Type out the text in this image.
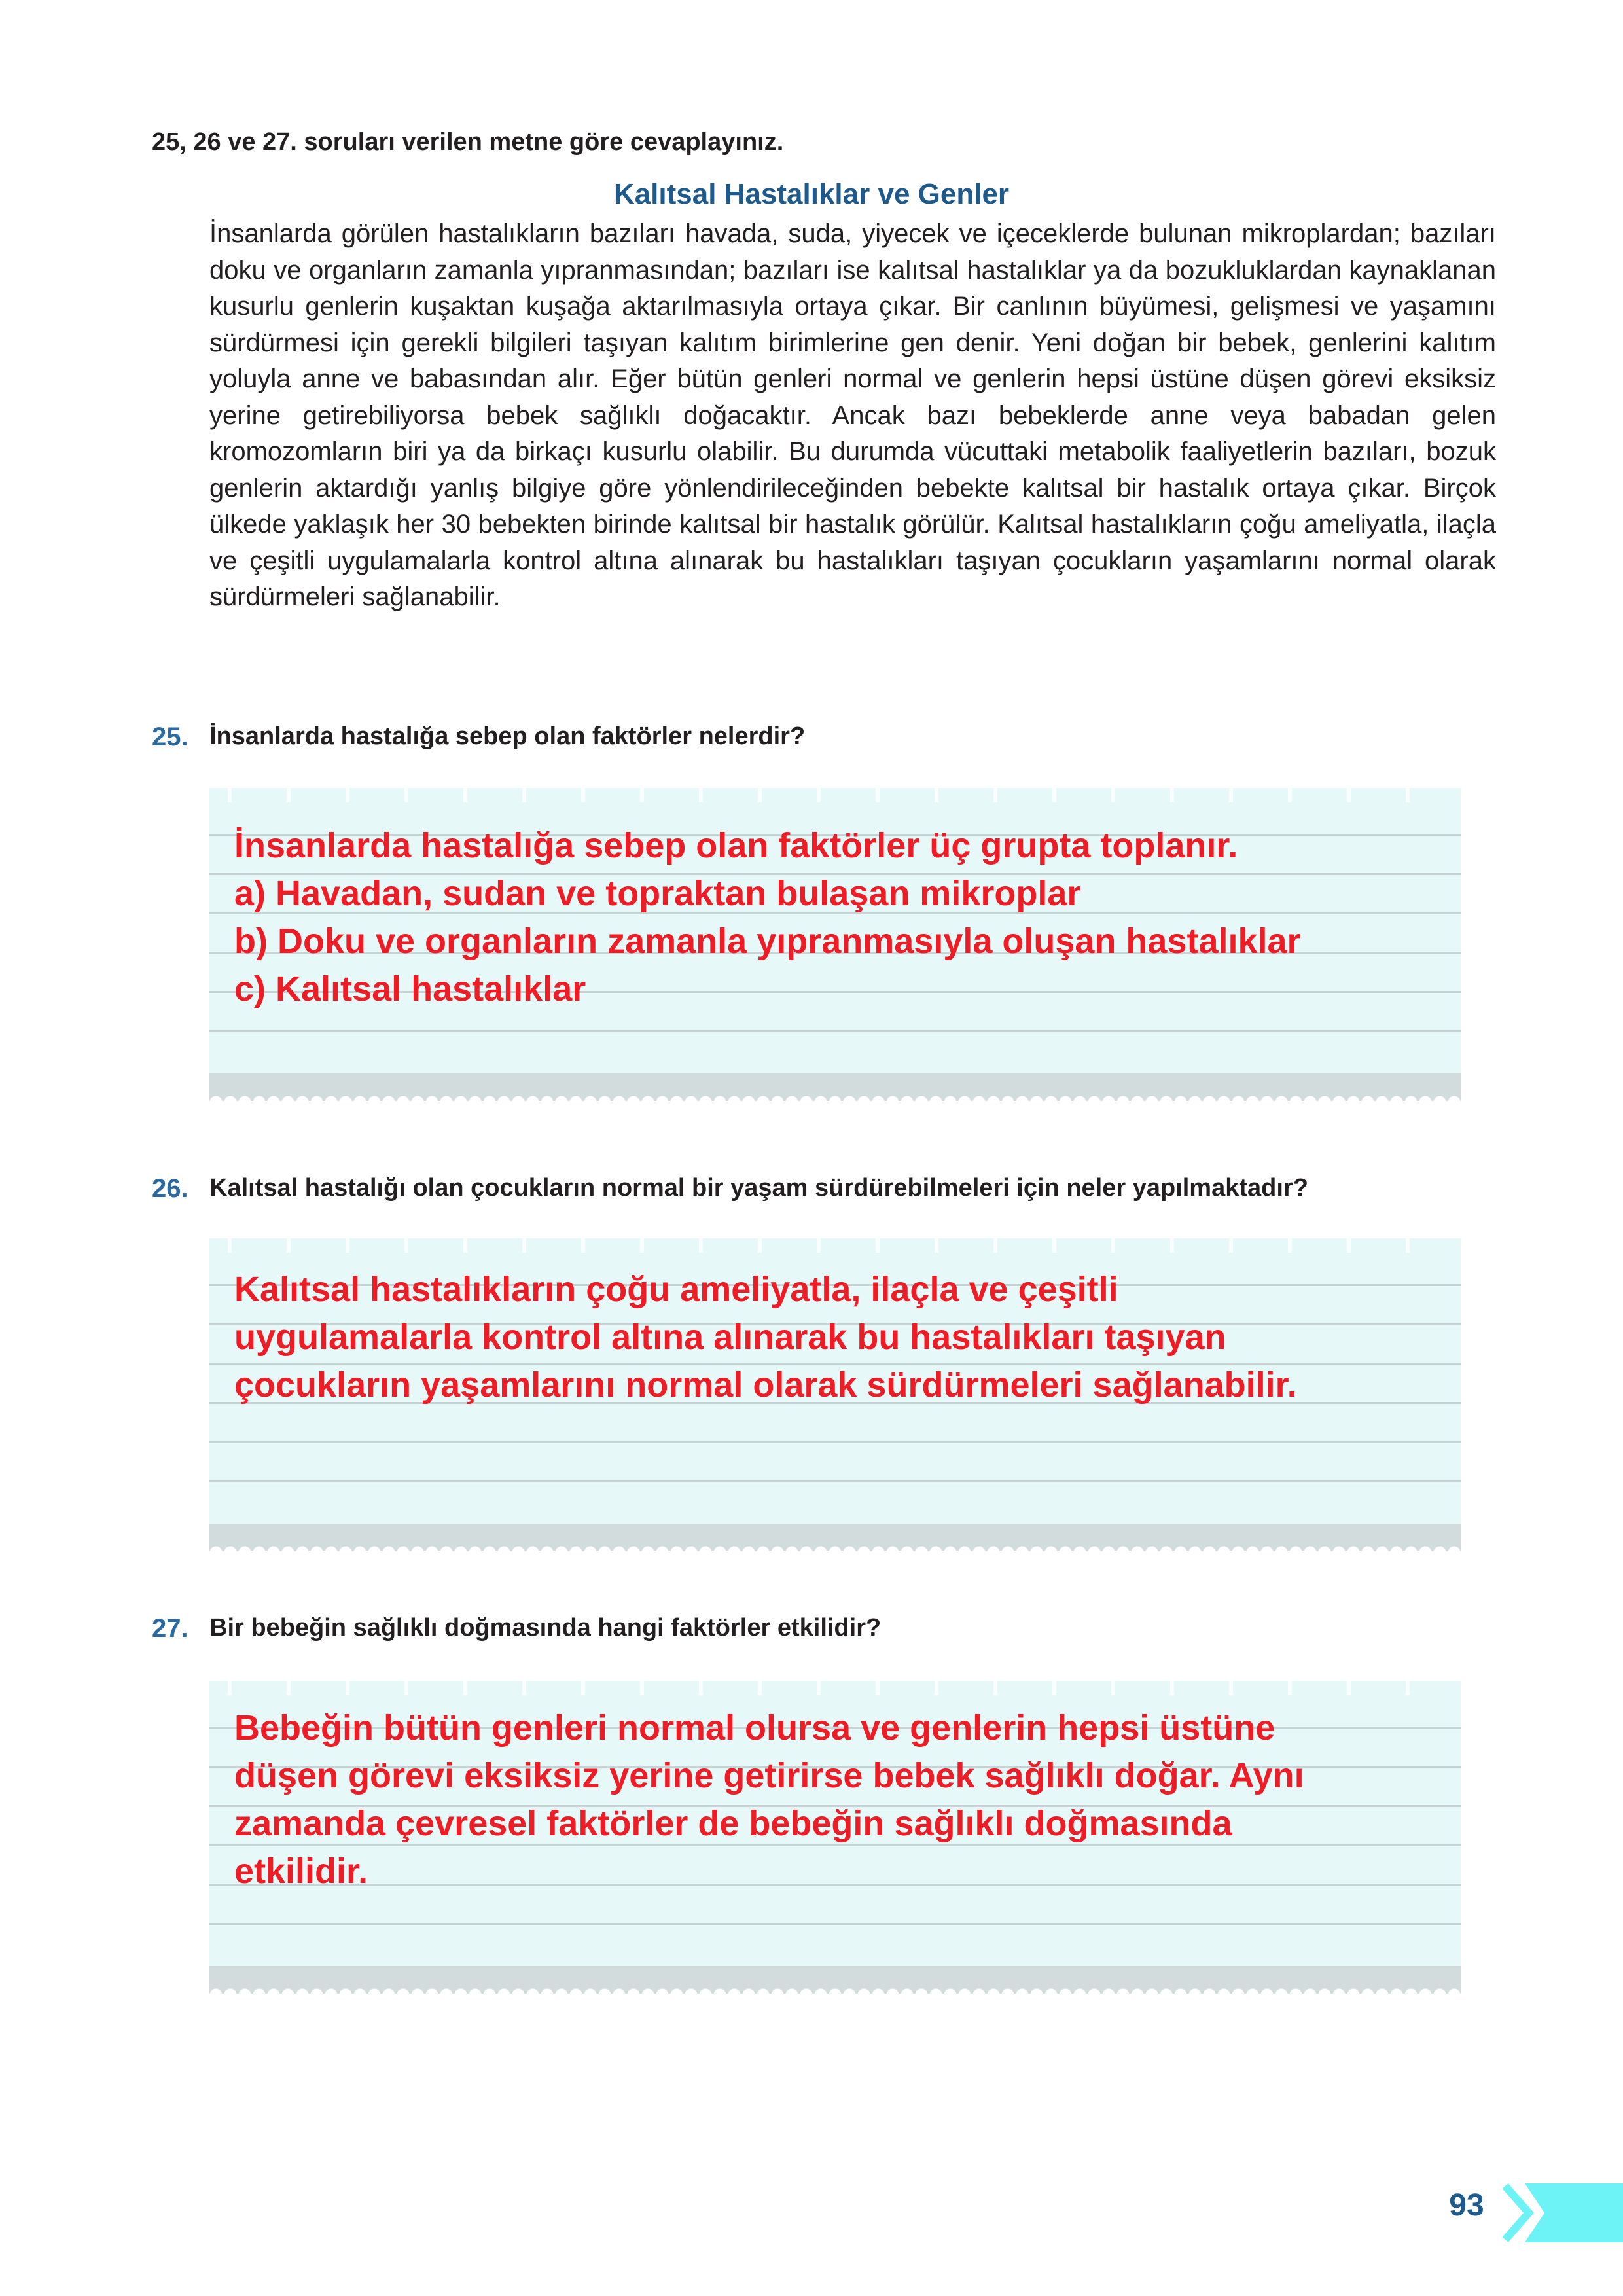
25, 26 ve 27. soruları verilen metne göre cevaplayınız.
Kalıtsal Hastalıklar ve Genler

İnsanlarda görülen hastalıkların bazıları havada, suda, yiyecek ve içeceklerde bulunan mikroplardan; bazıları doku ve organların zamanla yıpranmasından; bazıları ise kalıtsal hastalıklar ya da bozukluklardan kaynaklanan kusurlu genlerin kuşaktan kuşağa aktarılmasıyla ortaya çıkar. Bir canlının büyümesi, gelişmesi ve yaşamını sürdürmesi için gerekli bilgileri taşıyan kalıtım birimlerine gen denir. Yeni doğan bir bebek, genlerini kalıtım yoluyla anne ve babasından alır. Eğer bütün genleri normal ve genlerin hepsi üstüne düşen görevi eksiksiz yerine getirebiliyorsa bebek sağlıklı doğacaktır. Ancak bazı bebeklerde anne veya babadan gelen kromozomların biri ya da birkaçı kusurlu olabilir. Bu durumda vücuttaki metabolik faaliyetlerin bazıları, bozuk genlerin aktardığı yanlış bilgiye göre yönlendirileceğinden bebekte kalıtsal bir hastalık ortaya çıkar. Birçok ülkede yaklaşık her 30 bebekten birinde kalıtsal bir hastalık görülür. Kalıtsal hastalıkların çoğu ameliyatla, ilaçla ve çeşitli uygulamalarla kontrol altına alınarak bu hastalıkları taşıyan çocukların yaşamlarını normal olarak sürdürmeleri sağlanabilir.

25. İnsanlarda hastalığa sebep olan faktörler nelerdir?
İnsanlarda hastalığa sebep olan faktörler üç grupta toplanır.
a) Havadan, sudan ve topraktan bulaşan mikroplar
b) Doku ve organların zamanla yıpranmasıyla oluşan hastalıklar
c) Kalıtsal hastalıklar
26. Kalıtsal hastalığı olan çocukların normal bir yaşam sürdürebilmeleri için neler yapılmaktadır?
Kalıtsal hastalıkların çoğu ameliyatla, ilaçla ve çeşitli
uygulamalarla kontrol altına alınarak bu hastalıkları taşıyan
çocukların yaşamlarını normal olarak sürdürmeleri sağlanabilir.
27. Bir bebeğin sağlıklı doğmasında hangi faktörler etkilidir?
Bebeğin bütün genleri normal olursa ve genlerin hepsi üstüne
düşen görevi eksiksiz yerine getirirse bebek sağlıklı doğar. Aynı
zamanda çevresel faktörler de bebeğin sağlıklı doğmasında
etkilidir.
93
